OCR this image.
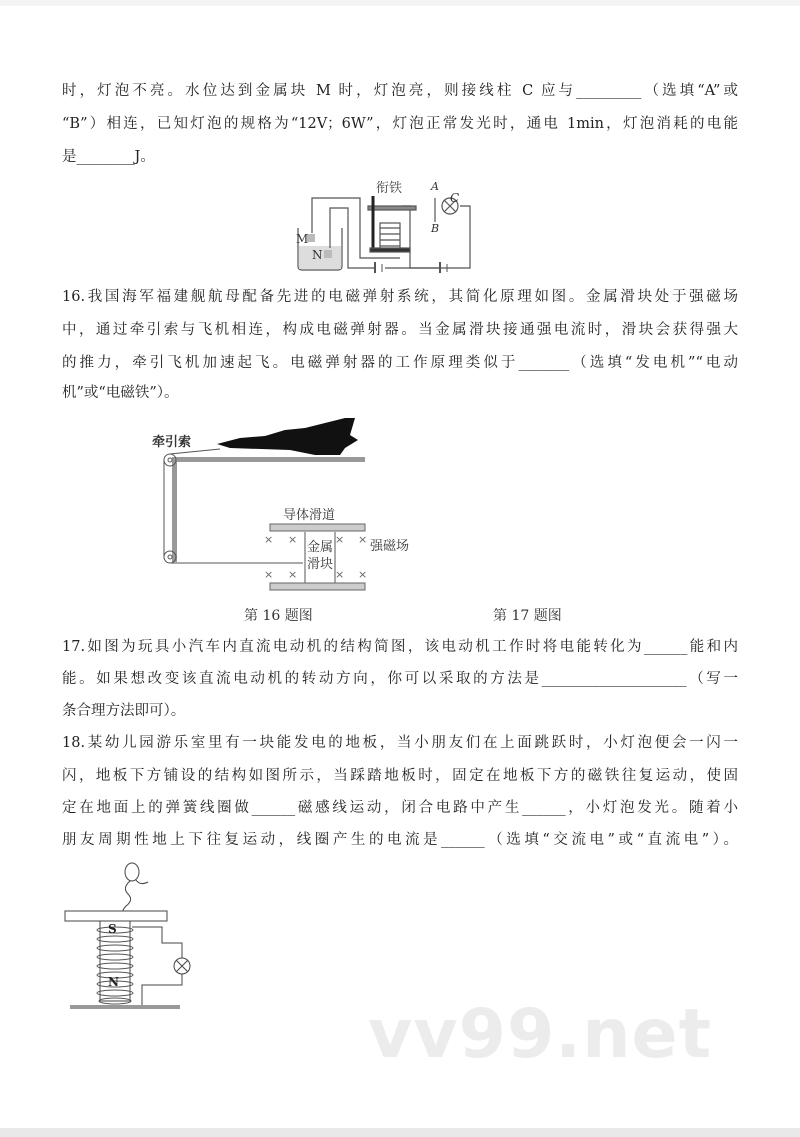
时，灯泡不亮。水位达到金属块 M 时，灯泡亮，则接线柱 C 应与_________（选填“A”或
“B”）相连，已知灯泡的规格为“12V；6W”，灯泡正常发光时，通电 1min，灯泡消耗的电能
是________J。
衔铁	A
B
C
M
N
16.我国海军福建舰航母配备先进的电磁弹射系统，其简化原理如图。金属滑块处于强磁场
中，通过牵引索与飞机相连，构成电磁弹射器。当金属滑块接通强电流时，滑块会获得强大
的推力，牵引飞机加速起飞。电磁弹射器的工作原理类似于_______（选填“发电机”“电动
机”或“电磁铁”）。
× ×	× ×
× ×	× ×
牵引索
导体滑道
金属
滑块
强磁场
第 16 题图	第 17 题图
17.如图为玩具小汽车内直流电动机的结构简图，该电动机工作时将电能转化为______能和内
能。如果想改变该直流电动机的转动方向，你可以采取的方法是____________________（写一
条合理方法即可）。
18.某幼儿园游乐室里有一块能发电的地板，当小朋友们在上面跳跃时，小灯泡便会一闪一
闪，地板下方铺设的结构如图所示，当踩踏地板时，固定在地板下方的磁铁往复运动，使固
定在地面上的弹簧线圈做______磁感线运动，闭合电路中产生______，小灯泡发光。随着小
朋友周期性地上下往复运动，线圈产生的电流是______（选填“交流电”或“直流电”）。
S
N
vv99.net
